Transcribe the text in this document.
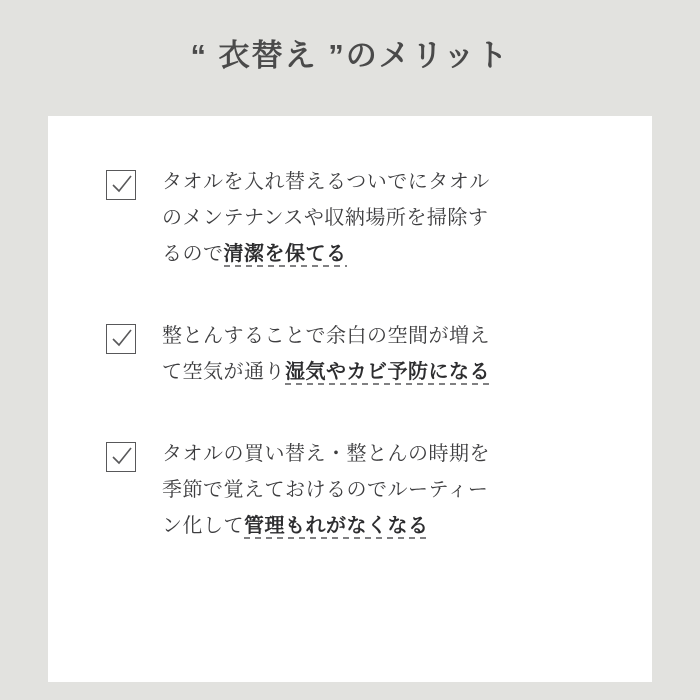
“ 衣替え ”のメリット
タオルを入れ替えるついでにタオル
のメンテナンスや収納場所を掃除す
るので清潔を保てる
整とんすることで余白の空間が増え
て空気が通り湿気やカビ予防になる
タオルの買い替え・整とんの時期を
季節で覚えておけるのでルーティー
ン化して管理もれがなくなる
